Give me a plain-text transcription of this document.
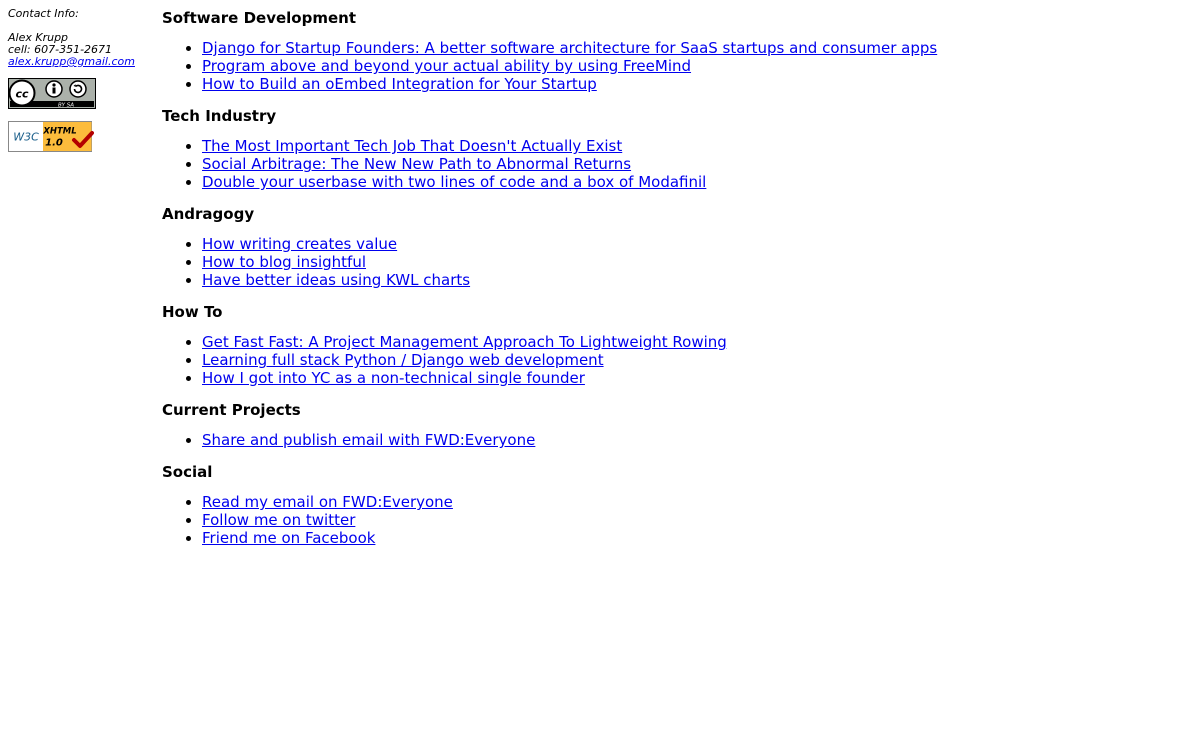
Contact Info:

Alex Krupp

cell: 607-351-2671

alex.krupp@gmail.com

cc
BY SA
W3C XHTML
1.0
Software Development
• Django for Startup Founders: A better software architecture for SaaS startups and consumer apps
• Program above and beyond your actual ability by using FreeMind
• How to Build an oEmbed Integration for Your Startup
Tech Industry
• The Most Important Tech Job That Doesn't Actually Exist
• Social Arbitrage: The New New Path to Abnormal Returns
• Double your userbase with two lines of code and a box of Modafinil
Andragogy
• How writing creates value
• How to blog insightful
• Have better ideas using KWL charts
How To
• Get Fast Fast: A Project Management Approach To Lightweight Rowing
• Learning full stack Python / Django web development
• How I got into YC as a non-technical single founder
Current Projects
• Share and publish email with FWD:Everyone
Social
• Read my email on FWD:Everyone
• Follow me on twitter
• Friend me on Facebook
